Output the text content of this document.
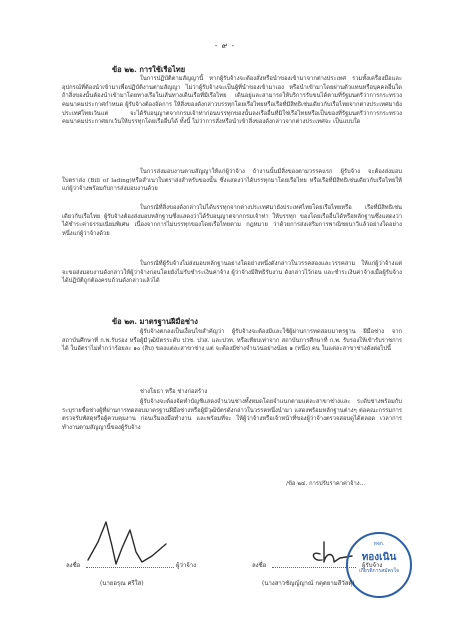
- ๙ -
ข้อ ๒๒. การใช้เรือไทย
ในการปฏิบัติตามสัญญานี้ หากผู้รับจ้างจะต้องสั่งหรือนำของเข้ามาจากต่างประเทศ รวมทั้งเครื่องมือและอุปกรณ์ที่ต้องนำเข้ามาเพื่อปฏิบัติงานตามสัญญา ไม่ว่าผู้รับจ้างจะเป็นผู้ที่นำของเข้ามาเอง หรือนำเข้ามาโดยผ่านตัวแทนหรือบุคคลอื่นใด ถ้าสิ่งของนั้นต้องนำเข้ามาโดยทางเรือในเส้นทางเดินเรือที่มีเรือไทย เดินอยู่และสามารถให้บริการรับขนได้ตามที่รัฐมนตรีว่าการกระทรวงคมนาคมประกาศกำหนด ผู้รับจ้างต้องจัดการ ให้สิ่งของดังกล่าวบรรทุกโดยเรือไทยหรือเรือที่มีสิทธิเช่นเดียวกับเรือไทยจากต่างประเทศมายังประเทศไทยเว้นแต่ จะได้รับอนุญาตจากกรมเจ้าท่าก่อนบรรทุกของนั้นลงเรืออื่นที่มิใช่เรือไทยหรือเป็นของที่รัฐมนตรีว่าการกระทรวง คมนาคมประกาศยกเว้นให้บรรทุกโดยเรืออื่นได้ ทั้งนี้ ไม่ว่าการสั่งหรือนำเข้าสิ่งของดังกล่าวจากต่างประเทศจะ เป็นแบบใด
ในการส่งมอบงานตามสัญญาให้แก่ผู้ว่าจ้าง ถ้างานนั้นมีสิ่งของตามวรรคแรก ผู้รับจ้าง จะต้องส่งมอบใบตราส่ง (Bill of lading)หรือสำเนาใบตราส่งสำหรับของนั้น ซึ่งแสดงว่าได้บรรทุกมาโดยเรือไทย หรือเรือที่มีสิทธิเช่นเดียวกับเรือไทยให้แก่ผู้ว่าจ้างพร้อมกับการส่งมอบงานด้วย
ในกรณีที่สิ่งของดังกล่าวไม่ได้บรรทุกจากต่างประเทศมายังประเทศไทยโดยเรือไทยหรือ เรือที่มีสิทธิเช่นเดียวกับเรือไทย ผู้รับจ้างต้องส่งมอบหลักฐานซึ่งแสดงว่าได้รับอนุญาตจากกรมเจ้าท่า ให้บรรทุก ของโดยเรืออื่นได้หรือหลักฐานซึ่งแสดงว่าได้ชำระค่าธรรมเนียมพิเศษ เนื่องจากการไม่บรรทุกของโดยเรือไทยตาม กฎหมาย ว่าด้วยการส่งเสริมการพาณิชยนาวีแล้วอย่างใดอย่างหนึ่งแก่ผู้ว่าจ้างด้วย
ในกรณีที่ผู้รับจ้างไม่ส่งมอบหลักฐานอย่างใดอย่างหนึ่งดังกล่าวในวรรคสองและวรรคสาม ให้แก่ผู้ว่าจ้างแต่จะขอส่งมอบงานดังกล่าวให้ผู้ว่าจ้างก่อนโดยยังไม่รับชำระเงินค่าจ้าง ผู้ว่าจ้างมีสิทธิรับงาน ดังกล่าวไว้ก่อน และชำระเงินค่าจ้างเมื่อผู้รับจ้างได้ปฏิบัติถูกต้องครบถ้วนดังกล่าวแล้วได้
ข้อ ๒๓. มาตรฐานฝีมือช่าง
ผู้รับจ้างตกลงเป็นเงื่อนไขสำคัญว่า ผู้รับจ้างจะต้องมีและใช้ผู้ผ่านการทดสอบมาตรฐาน ฝีมือช่าง จากสถาบันศึกษาที่ ก.พ.รับรอง หรือผู้มีวุฒิบัตรระดับ ปวช. ปวส. และปวท. หรือเทียบเท่าจาก สถาบันการศึกษาที่ ก.พ. รับรองให้เข้ารับราชการได้ ในอัตราไม่ต่ำกว่าร้อยละ ๑๐ (สิบ) ของแต่ละสาขาช่าง แต่ จะต้องมีช่างจำนวนอย่างน้อย ๑ (หนึ่ง) คน ในแต่ละสาขาช่างดังต่อไปนี้
ช่างโยธา หรือ ช่างก่อสร้าง
ผู้รับจ้างจะต้องจัดทำบัญชีแสดงจำนวนช่างทั้งหมดโดยจำแนกตามแต่ละสาขาช่างและ ระดับช่างพร้อมกับระบุรายชื่อช่างผู้ที่ผ่านการทดสอบมาตรฐานฝีมือช่างหรือผู้มีวุฒิบัตรดังกล่าวในวรรคหนึ่งนำมา แสดงพร้อมหลักฐานต่างๆ ต่อคณะกรรมการตรวจรับพัสดุหรือผู้ควบคุมงาน ก่อนเริ่มลงมือทำงาน และพร้อมที่จะ ให้ผู้ว่าจ้างหรือเจ้าหน้าที่ของผู้ว่าจ้างตรวจสอบดูได้ตลอด เวลาการทำงานตามสัญญานี้ของผู้รับจ้าง
/ข้อ ๒๔. การปรับราคาค่าจ้าง...
ลงชื่อ	ผู้ว่าจ้าง
(นายอรุณ ศรีใส)
ลงชื่อ
หจก.
ทองเนิน
เกียรติการสมัครใจ
ผู้รับจ้าง
(นางสาวชัญญ์ญาณ์ กตุดยามสีวัสดุ์)
